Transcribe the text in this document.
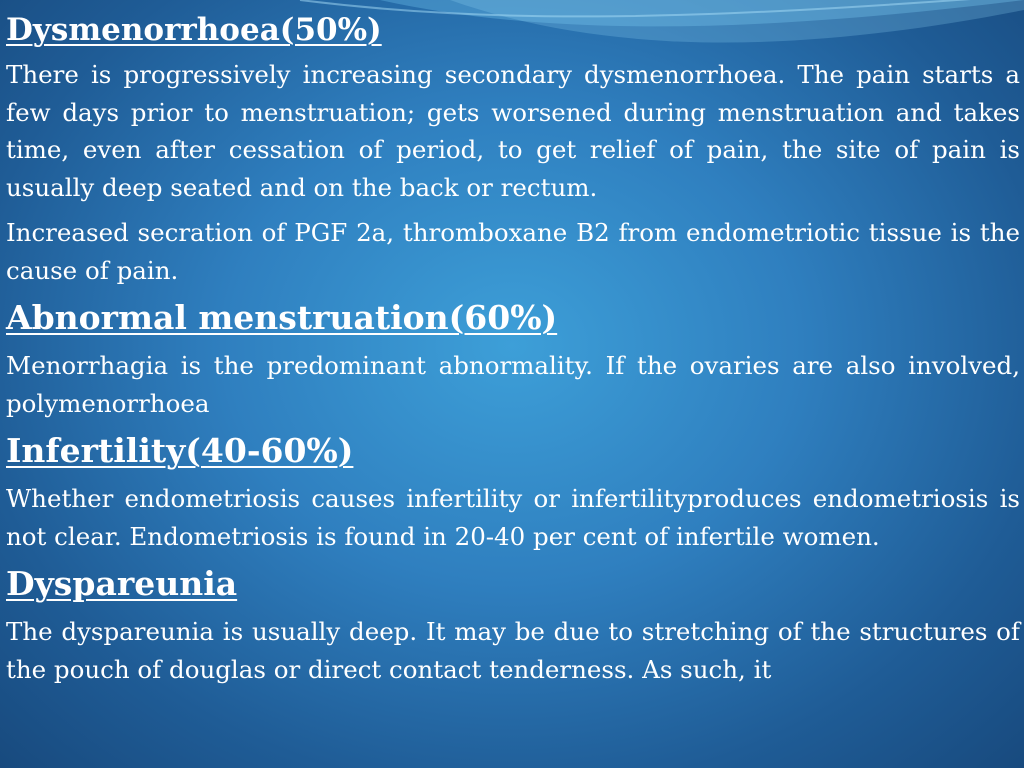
Dysmenorrhoea(50%)

There is progressively increasing secondary dysmenorrhoea. The pain starts a few days prior to menstruation; gets worsened during menstruation and takes time, even after cessation of period, to get relief of pain, the site of pain is usually deep seated and on the back or rectum.

Increased secration of PGF 2a, thromboxane B2 from endometriotic tissue is the cause of pain.

Abnormal menstruation(60%)

Menorrhagia is the predominant abnormality. If the ovaries are also involved, polymenorrhoea

Infertility(40-60%)

Whether endometriosis causes infertility or infertilityproduces endometriosis is not clear. Endometriosis is found in 20-40 per cent of infertile women.

Dyspareunia

The dyspareunia is usually deep. It may be due to stretching of the structures of the pouch of douglas or direct contact tenderness. As such, it
